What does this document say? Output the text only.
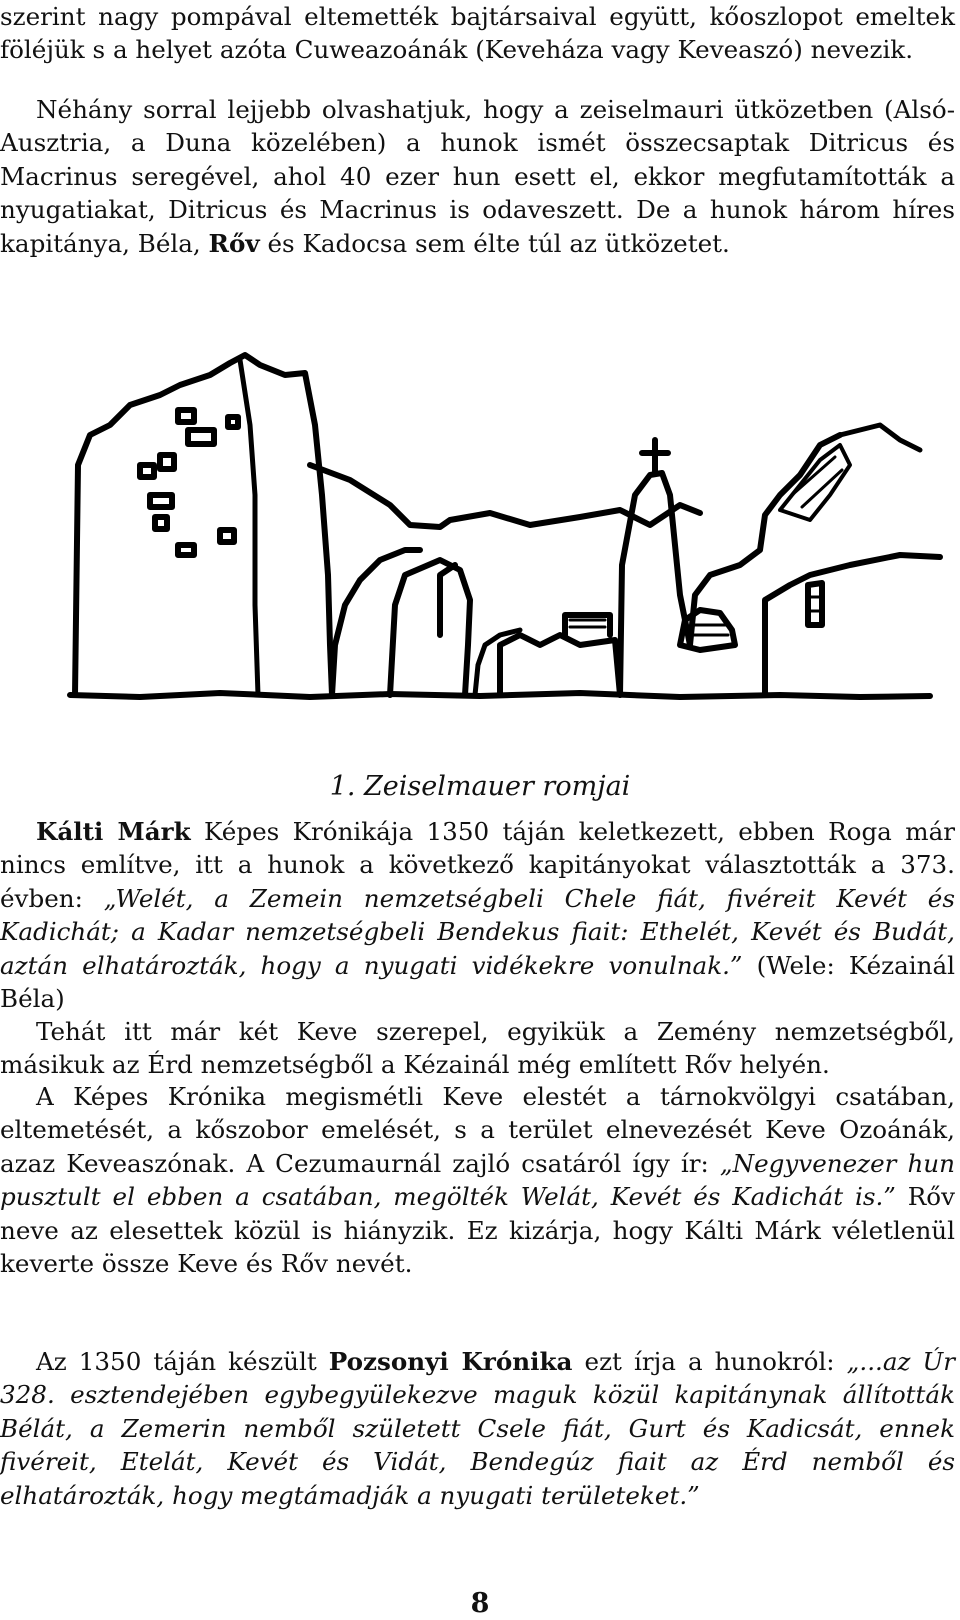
szerint nagy pompával eltemették bajtársaival együtt, kőoszlopot emeltek föléjük s a helyet azóta Cuweazoánák (Keveháza vagy Keveaszó) nevezik.

Néhány sorral lejjebb olvashatjuk, hogy a zeiselmauri ütközetben (Alsó-Ausztria, a Duna közelében) a hunok ismét összecsaptak Ditricus és Macrinus seregével, ahol 40 ezer hun esett el, ekkor megfutamították a nyugatiakat, Ditricus és Macrinus is odaveszett. De a hunok három híres kapitánya, Béla, Rőv és Kadocsa sem élte túl az ütközetet.

1. Zeiselmauer romjai

Kálti Márk Képes Krónikája 1350 táján keletkezett, ebben Roga már nincs említve, itt a hunok a következő kapitányokat választották a 373. évben: „Welét, a Zemein nemzetségbeli Chele fiát, fivéreit Kevét és Kadichát; a Kadar nemzetségbeli Bendekus fiait: Ethelét, Kevét és Budát, aztán elhatározták, hogy a nyugati vidékekre vonulnak.” (Wele: Kézainál Béla)

Tehát itt már két Keve szerepel, egyikük a Zemény nemzetségből, másikuk az Érd nemzetségből a Kézainál még említett Rőv helyén.

A Képes Krónika megismétli Keve elestét a tárnokvölgyi csatában, eltemetését, a kőszobor emelését, s a terület elnevezését Keve Ozoánák, azaz Keveaszónak. A Cezumaurnál zajló csatáról így ír: „Negyvenezer hun pusztult el ebben a csatában, megölték Welát, Kevét és Kadichát is.” Rőv neve az elesettek közül is hiányzik. Ez kizárja, hogy Kálti Márk véletlenül keverte össze Keve és Rőv nevét.

Az 1350 táján készült Pozsonyi Krónika ezt írja a hunokról: „...az Úr 328. esztendejében egybegyülekezve maguk közül kapitánynak állították Bélát, a Zemerin nemből született Csele fiát, Gurt és Kadicsát, ennek fivéreit, Etelát, Kevét és Vidát, Bendegúz fiait az Érd nemből és elhatározták, hogy megtámadják a nyugati területeket.”

8
